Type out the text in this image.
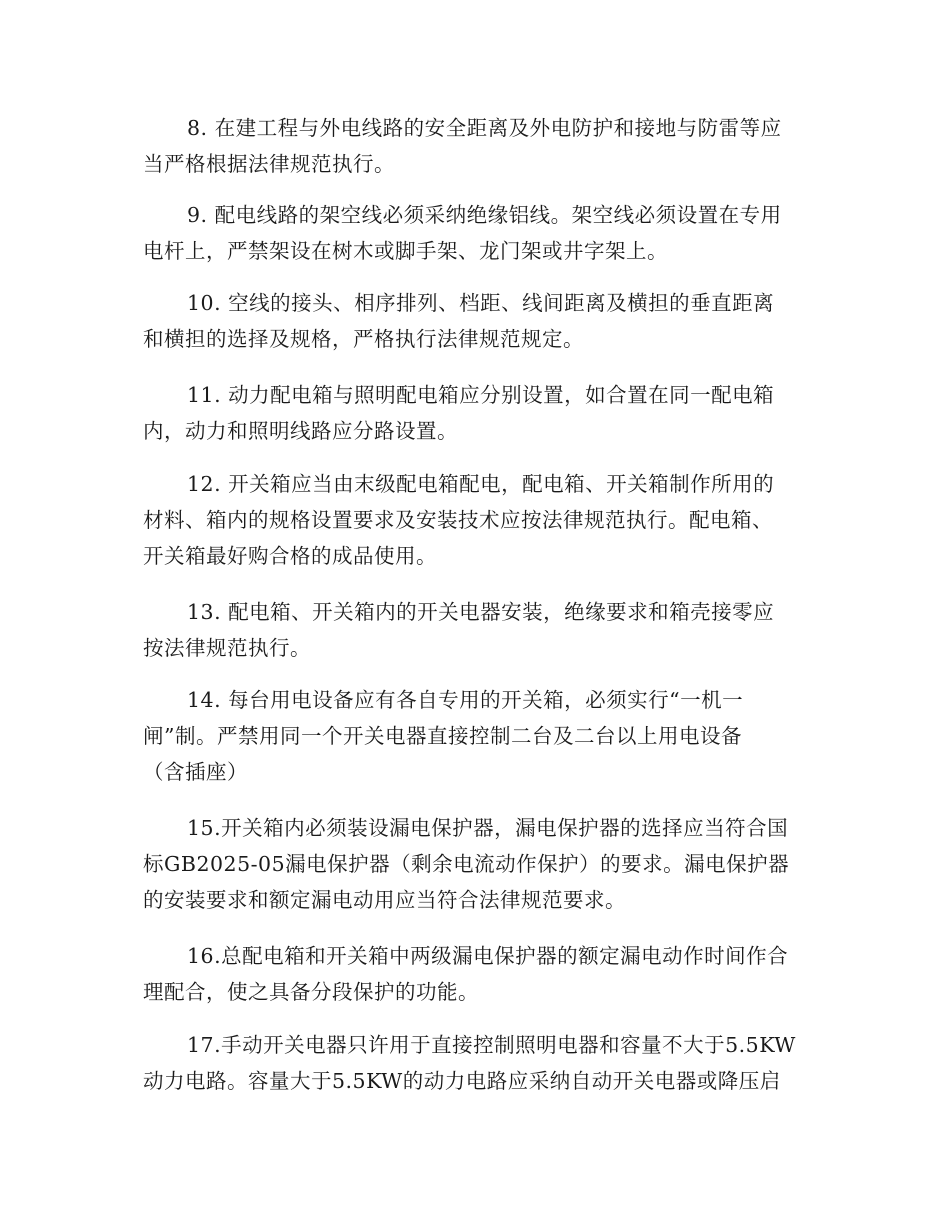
8. 在建工程与外电线路的安全距离及外电防护和接地与防雷等应
当严格根据法律规范执行。
9. 配电线路的架空线必须采纳绝缘铝线。架空线必须设置在专用
电杆上，严禁架设在树木或脚手架、龙门架或井字架上。
10. 空线的接头、相序排列、档距、线间距离及横担的垂直距离
和横担的选择及规格，严格执行法律规范规定。
11. 动力配电箱与照明配电箱应分别设置，如合置在同一配电箱
内，动力和照明线路应分路设置。
12. 开关箱应当由末级配电箱配电，配电箱、开关箱制作所用的
材料、箱内的规格设置要求及安装技术应按法律规范执行。配电箱、
开关箱最好购合格的成品使用。
13. 配电箱、开关箱内的开关电器安装，绝缘要求和箱壳接零应
按法律规范执行。
14. 每台用电设备应有各自专用的开关箱，必须实行“一机一
闸”制。严禁用同一个开关电器直接控制二台及二台以上用电设备
（含插座）
15.开关箱内必须装设漏电保护器，漏电保护器的选择应当符合国
标GB2025-05漏电保护器（剩余电流动作保护）的要求。漏电保护器
的安装要求和额定漏电动用应当符合法律规范要求。
16.总配电箱和开关箱中两级漏电保护器的额定漏电动作时间作合
理配合，使之具备分段保护的功能。
17.手动开关电器只许用于直接控制照明电器和容量不大于5.5KW
动力电路。容量大于5.5KW的动力电路应采纳自动开关电器或降压启
